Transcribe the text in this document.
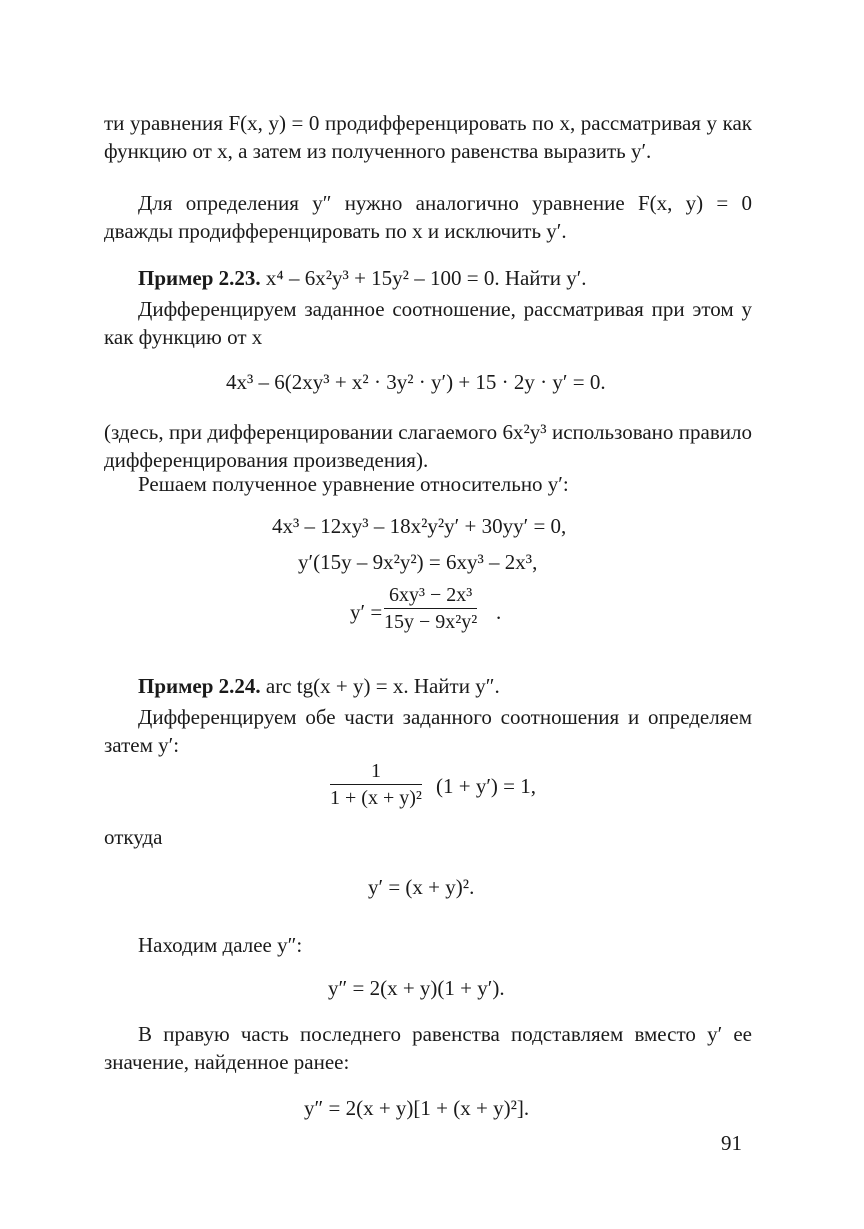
ти уравнения F(x, y) = 0 продифференцировать по x, рассматривая y как функцию от x, а затем из полученного равенства выразить y′.

Для определения y″ нужно аналогично уравнение F(x, y) = 0 дважды продифференцировать по x и исключить y′.

Пример 2.23. x⁴ – 6x²y³ + 15y² – 100 = 0. Найти y′.

Дифференцируем заданное соотношение, рассматривая при этом y как функцию от x

4x³ – 6(2xy³ + x² · 3y² · y′) + 15 · 2y · y′ = 0.

(здесь, при дифференцировании слагаемого 6x²y³ использовано правило дифференцирования произведения).

Решаем полученное уравнение относительно y′:

4x³ – 12xy³ – 18x²y²y′ + 30yy′ = 0,
y′(15y – 9x²y²) = 6xy³ – 2x³,
y′ =
6xy³ − 2x³
15y − 9x²y² .

Пример 2.24. arc tg(x + y) = x. Найти y″.

Дифференцируем обе части заданного соотношения и определяем затем y′:

1
1 + (x + y)² (1 + y′) = 1,

откуда

y′ = (x + y)².

Находим далее y″:

y″ = 2(x + y)(1 + y′).

В правую часть последнего равенства подставляем вместо y′ ее значение, найденное ранее:

y″ = 2(x + y)[1 + (x + y)²].
91
